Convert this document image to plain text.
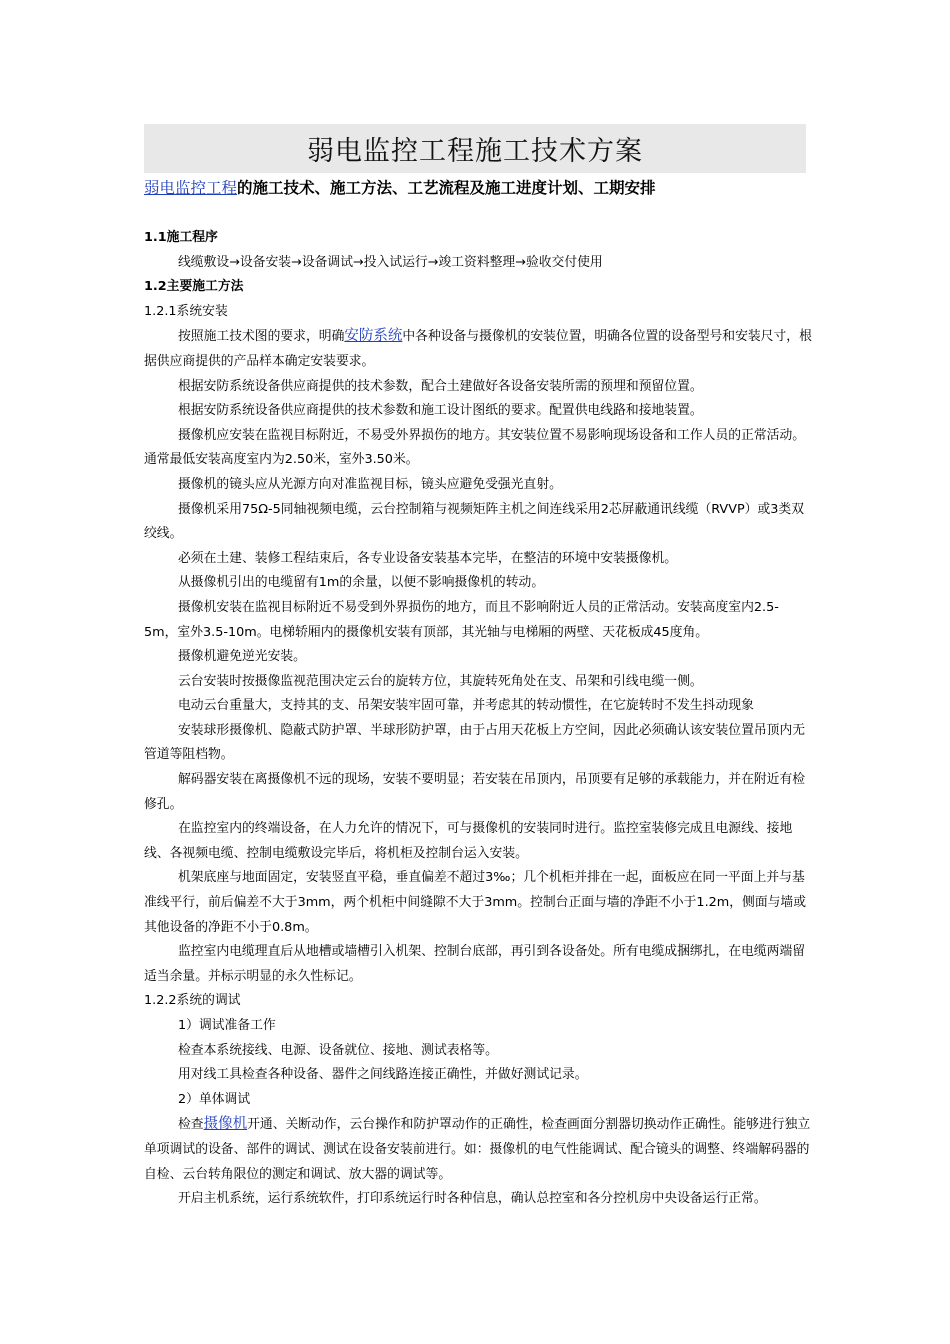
弱电监控工程施工技术方案
弱电监控工程的施工技术、施工方法、工艺流程及施工进度计划、工期安排

1.1施工程序

线缆敷设→设备安装→设备调试→投入试运行→竣工资料整理→验收交付使用

1.2主要施工方法

1.2.1系统安装

按照施工技术图的要求，明确安防系统中各种设备与摄像机的安装位置，明确各位置的设备型号和安装尺寸，根据供应商提供的产品样本确定安装要求。

根据安防系统设备供应商提供的技术参数，配合土建做好各设备安装所需的预埋和预留位置。

根据安防系统设备供应商提供的技术参数和施工设计图纸的要求。配置供电线路和接地装置。

摄像机应安装在监视目标附近，不易受外界损伤的地方。其安装位置不易影响现场设备和工作人员的正常活动。通常最低安装高度室内为2.50米，室外3.50米。

摄像机的镜头应从光源方向对准监视目标，镜头应避免受强光直射。

摄像机采用75Ω-5同轴视频电缆，云台控制箱与视频矩阵主机之间连线采用2芯屏蔽通讯线缆（RVVP）或3类双绞线。

必须在土建、装修工程结束后，各专业设备安装基本完毕，在整洁的环境中安装摄像机。

从摄像机引出的电缆留有1m的余量，以便不影响摄像机的转动。

摄像机安装在监视目标附近不易受到外界损伤的地方，而且不影响附近人员的正常活动。安装高度室内2.5-5m，室外3.5-10m。电梯轿厢内的摄像机安装有顶部，其光轴与电梯厢的两壁、天花板成45度角。

摄像机避免逆光安装。

云台安装时按摄像监视范围决定云台的旋转方位，其旋转死角处在支、吊架和引线电缆一侧。

电动云台重量大，支持其的支、吊架安装牢固可靠，并考虑其的转动惯性，在它旋转时不发生抖动现象

安装球形摄像机、隐蔽式防护罩、半球形防护罩，由于占用天花板上方空间，因此必须确认该安装位置吊顶内无管道等阻档物。

解码器安装在离摄像机不远的现场，安装不要明显；若安装在吊顶内，吊顶要有足够的承载能力，并在附近有检修孔。

在监控室内的终端设备，在人力允许的情况下，可与摄像机的安装同时进行。监控室装修完成且电源线、接地线、各视频电缆、控制电缆敷设完毕后，将机柜及控制台运入安装。

机架底座与地面固定，安装竖直平稳，垂直偏差不超过3‰；几个机柜并排在一起，面板应在同一平面上并与基准线平行，前后偏差不大于3mm，两个机柜中间缝隙不大于3mm。控制台正面与墙的净距不小于1.2m，侧面与墙或其他设备的净距不小于0.8m。

监控室内电缆理直后从地槽或墙槽引入机架、控制台底部，再引到各设备处。所有电缆成捆绑扎，在电缆两端留适当余量。并标示明显的永久性标记。

1.2.2系统的调试

1）调试准备工作

检查本系统接线、电源、设备就位、接地、测试表格等。

用对线工具检查各种设备、器件之间线路连接正确性，并做好测试记录。

2）单体调试

检查摄像机开通、关断动作，云台操作和防护罩动作的正确性，检查画面分割器切换动作正确性。能够进行独立单项调试的设备、部件的调试、测试在设备安装前进行。如：摄像机的电气性能调试、配合镜头的调整、终端解码器的自检、云台转角限位的测定和调试、放大器的调试等。

开启主机系统，运行系统软件，打印系统运行时各种信息，确认总控室和各分控机房中央设备运行正常。
